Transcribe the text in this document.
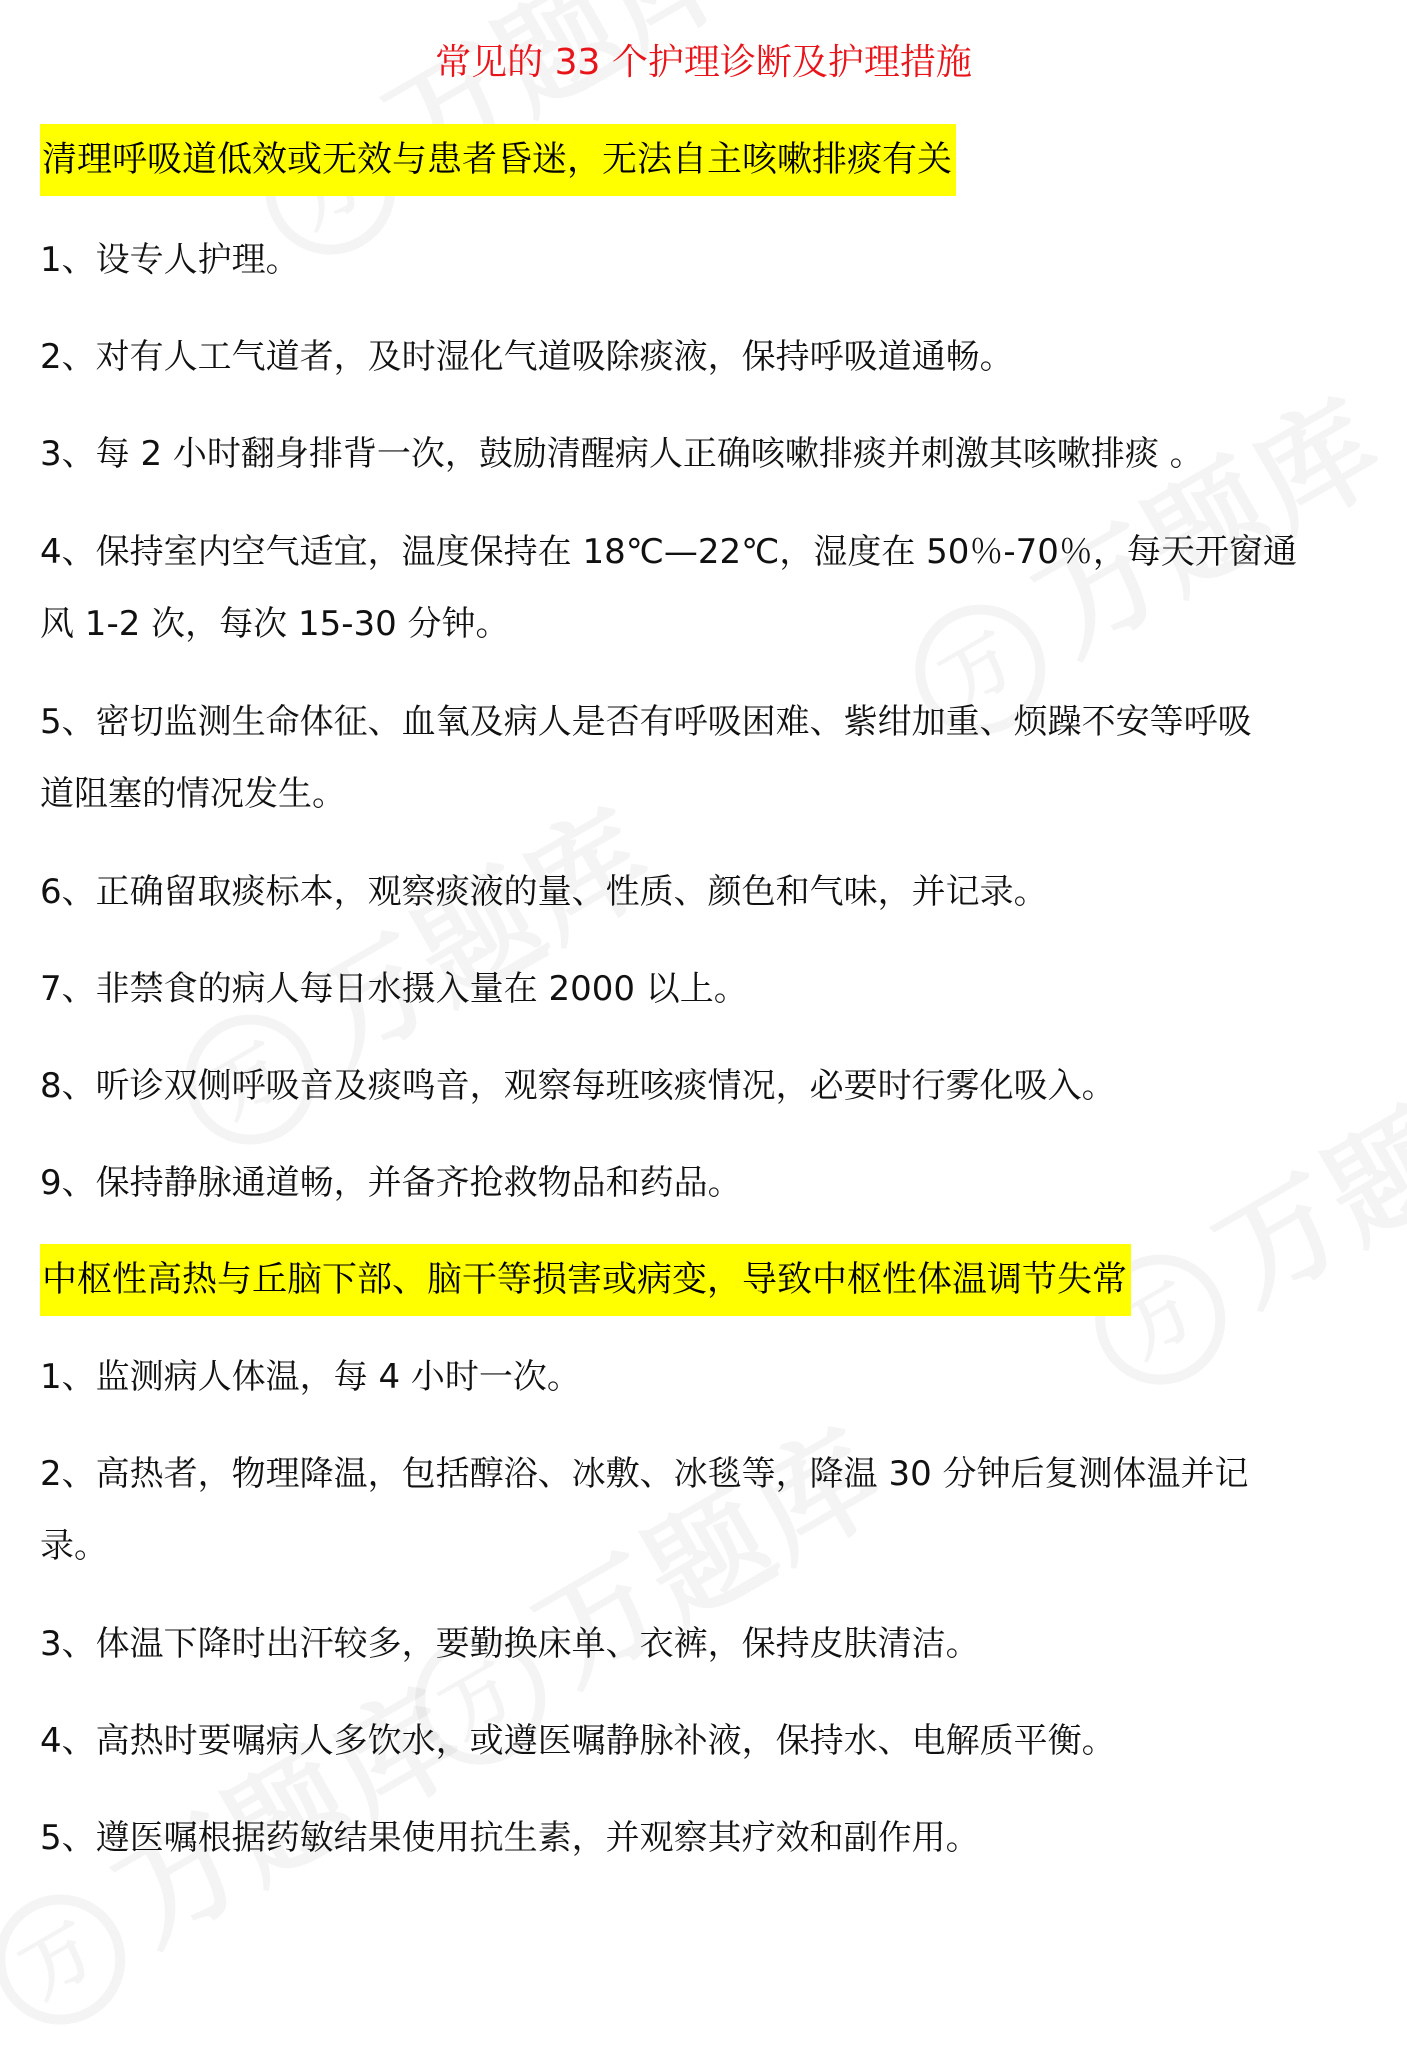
常见的 33 个护理诊断及护理措施
清理呼吸道低效或无效与患者昏迷，无法自主咳嗽排痰有关
1、设专人护理。
2、对有人工气道者，及时湿化气道吸除痰液，保持呼吸道通畅。
3、每 2 小时翻身排背一次，鼓励清醒病人正确咳嗽排痰并刺激其咳嗽排痰 。
4、保持室内空气适宜，温度保持在 18℃—22℃，湿度在 50％-70％，每天开窗通
风 1-2 次，每次 15-30 分钟。
5、密切监测生命体征、血氧及病人是否有呼吸困难、紫绀加重、烦躁不安等呼吸
道阻塞的情况发生。
6、正确留取痰标本，观察痰液的量、性质、颜色和气味，并记录。
7、非禁食的病人每日水摄入量在 2000 以上。
8、听诊双侧呼吸音及痰鸣音，观察每班咳痰情况，必要时行雾化吸入。
9、保持静脉通道畅，并备齐抢救物品和药品。
中枢性高热与丘脑下部、脑干等损害或病变，导致中枢性体温调节失常
1、监测病人体温，每 4 小时一次。
2、高热者，物理降温，包括醇浴、冰敷、冰毯等，降温 30 分钟后复测体温并记
录。
3、体温下降时出汗较多，要勤换床单、衣裤，保持皮肤清洁。
4、高热时要嘱病人多饮水，或遵医嘱静脉补液，保持水、电解质平衡。
5、遵医嘱根据药敏结果使用抗生素，并观察其疗效和副作用。
